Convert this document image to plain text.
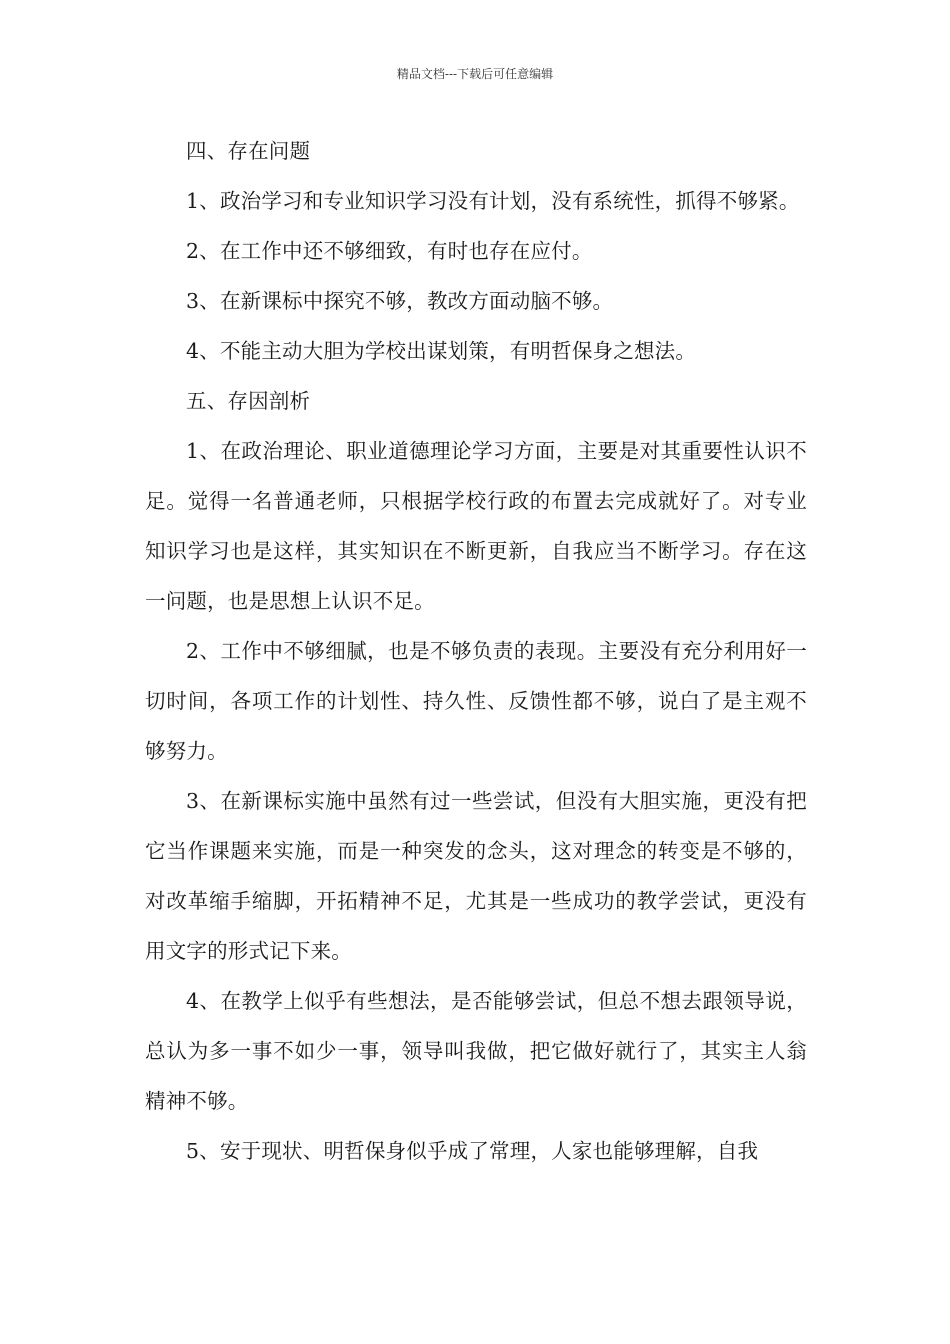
精品文档---下载后可任意编辑

四、存在问题

1、政治学习和专业知识学习没有计划，没有系统性，抓得不够紧。

2、在工作中还不够细致，有时也存在应付。

3、在新课标中探究不够，教改方面动脑不够。

4、不能主动大胆为学校出谋划策，有明哲保身之想法。

五、存因剖析

1、在政治理论、职业道德理论学习方面，主要是对其重要性认识不足。觉得一名普通老师，只根据学校行政的布置去完成就好了。对专业知识学习也是这样，其实知识在不断更新，自我应当不断学习。存在这一问题，也是思想上认识不足。

2、工作中不够细腻，也是不够负责的表现。主要没有充分利用好一切时间，各项工作的计划性、持久性、反馈性都不够，说白了是主观不够努力。

3、在新课标实施中虽然有过一些尝试，但没有大胆实施，更没有把它当作课题来实施，而是一种突发的念头，这对理念的转变是不够的，对改革缩手缩脚，开拓精神不足，尤其是一些成功的教学尝试，更没有用文字的形式记下来。

4、在教学上似乎有些想法，是否能够尝试，但总不想去跟领导说，总认为多一事不如少一事，领导叫我做，把它做好就行了，其实主人翁精神不够。

5、安于现状、明哲保身似乎成了常理，人家也能够理解，自我
